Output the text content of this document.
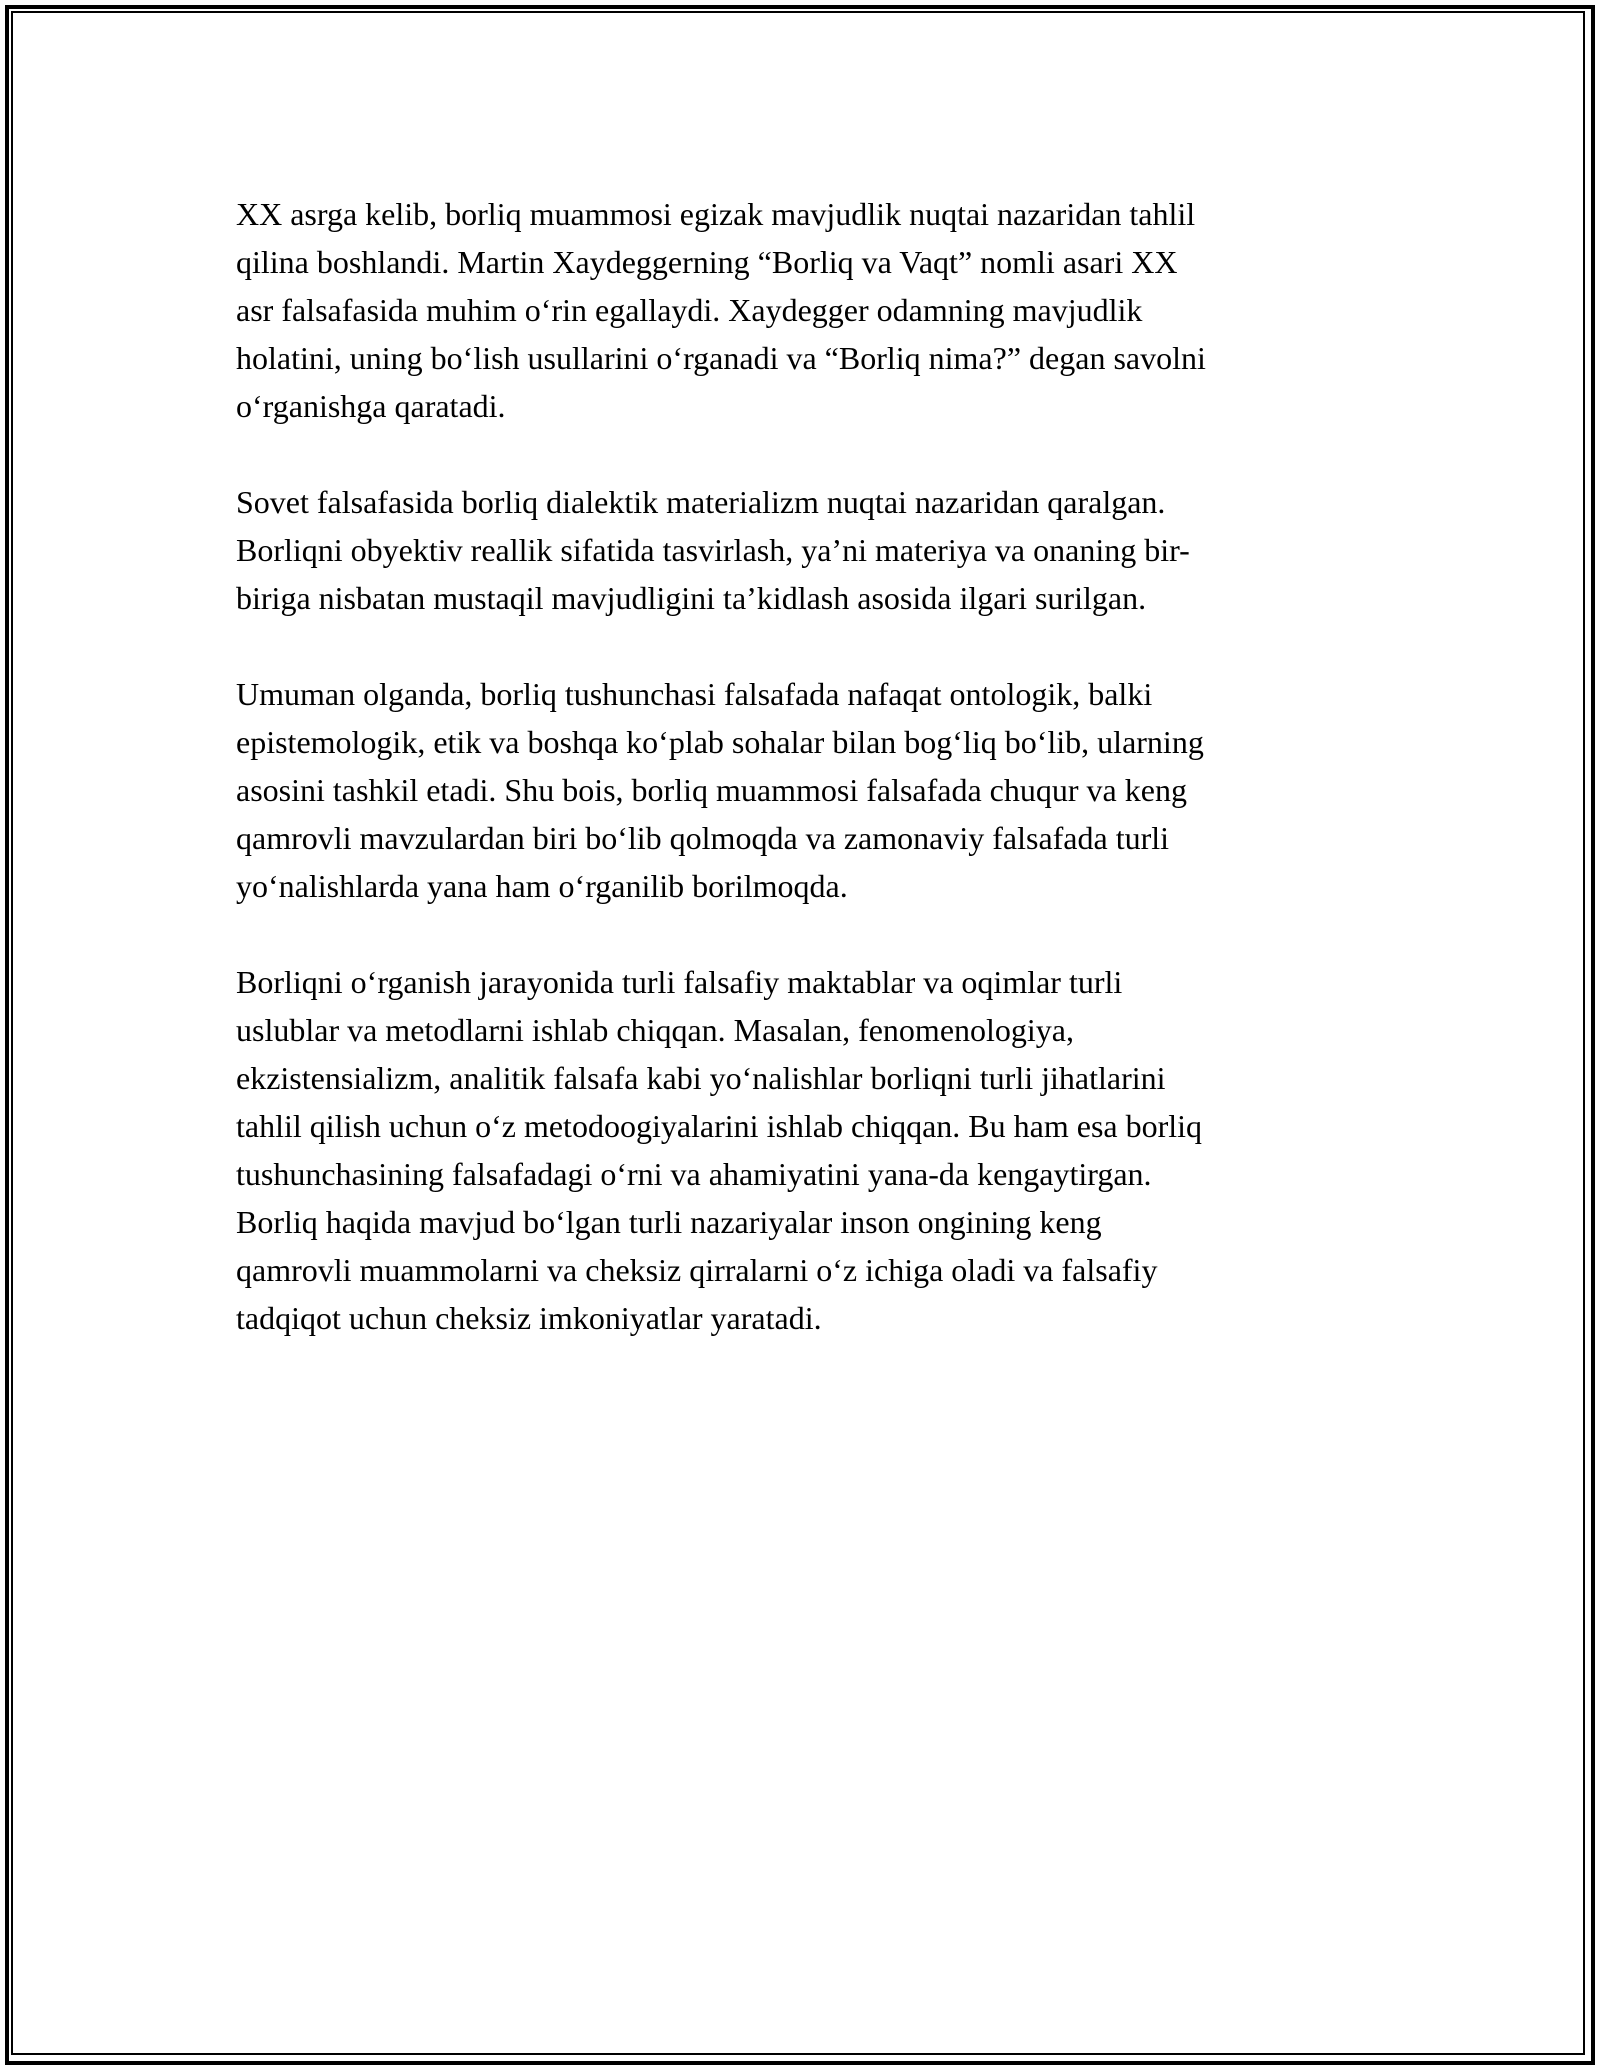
XX asrga kelib, borliq muammosi egizak mavjudlik nuqtai nazaridan tahlil
qilina boshlandi. Martin Xaydeggerning “Borliq va Vaqt” nomli asari XX
asr falsafasida muhim o‘rin egallaydi. Xaydegger odamning mavjudlik
holatini, uning bo‘lish usullarini o‘rganadi va “Borliq nima?” degan savolni
o‘rganishga qaratadi.

Sovet falsafasida borliq dialektik materializm nuqtai nazaridan qaralgan.
Borliqni obyektiv reallik sifatida tasvirlash, ya’ni materiya va onaning bir-
biriga nisbatan mustaqil mavjudligini ta’kidlash asosida ilgari surilgan.

Umuman olganda, borliq tushunchasi falsafada nafaqat ontologik, balki
epistemologik, etik va boshqa ko‘plab sohalar bilan bog‘liq bo‘lib, ularning
asosini tashkil etadi. Shu bois, borliq muammosi falsafada chuqur va keng
qamrovli mavzulardan biri bo‘lib qolmoqda va zamonaviy falsafada turli
yo‘nalishlarda yana ham o‘rganilib borilmoqda.

Borliqni o‘rganish jarayonida turli falsafiy maktablar va oqimlar turli
uslublar va metodlarni ishlab chiqqan. Masalan, fenomenologiya,
ekzistensializm, analitik falsafa kabi yo‘nalishlar borliqni turli jihatlarini
tahlil qilish uchun o‘z metodoogiyalarini ishlab chiqqan. Bu ham esa borliq
tushunchasining falsafadagi o‘rni va ahamiyatini yana-da kengaytirgan.
Borliq haqida mavjud bo‘lgan turli nazariyalar inson ongining keng
qamrovli muammolarni va cheksiz qirralarni o‘z ichiga oladi va falsafiy
tadqiqot uchun cheksiz imkoniyatlar yaratadi.
